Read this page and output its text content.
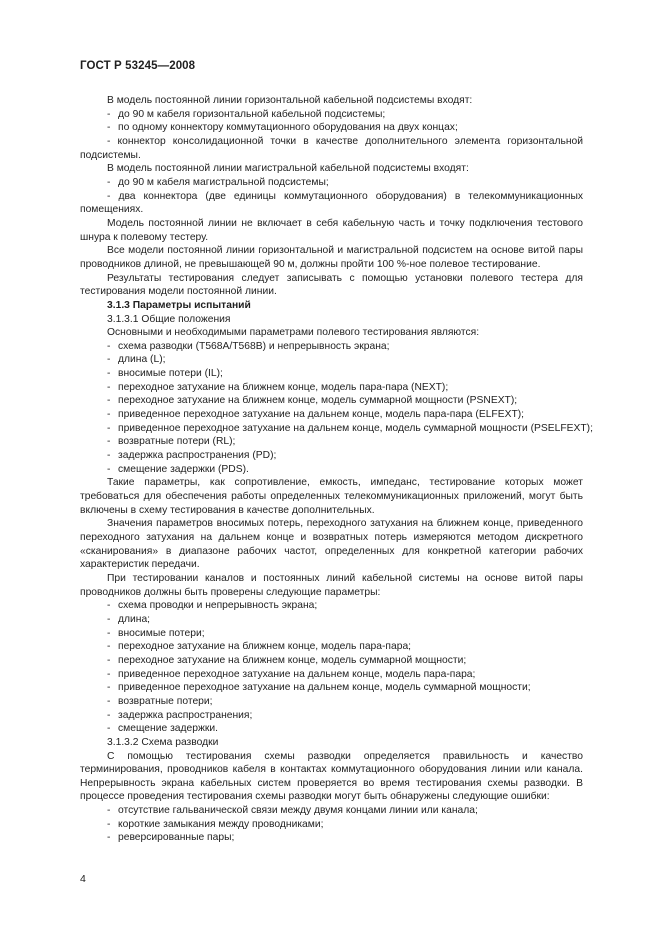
ГОСТ Р 53245—2008
В модель постоянной линии горизонтальной кабельной подсистемы входят:
- до 90 м кабеля горизонтальной кабельной подсистемы;
- по одному коннектору коммутационного оборудования на двух концах;
- коннектор консолидационной точки в качестве дополнительного элемента горизонтальной подсистемы.
В модель постоянной линии магистральной кабельной подсистемы входят:
- до 90 м кабеля магистральной подсистемы;
- два коннектора (две единицы коммутационного оборудования) в телекоммуникационных помещениях.
Модель постоянной линии не включает в себя кабельную часть и точку подключения тестового шнура к полевому тестеру.
Все модели постоянной линии горизонтальной и магистральной подсистем на основе витой пары проводников длиной, не превышающей 90 м, должны пройти 100 %-ное полевое тестирование.
Результаты тестирования следует записывать с помощью установки полевого тестера для тестирования модели постоянной линии.
3.1.3 Параметры испытаний
3.1.3.1 Общие положения
Основными и необходимыми параметрами полевого тестирования являются:
- схема разводки (T568A/T568B) и непрерывность экрана;
- длина (L);
- вносимые потери (IL);
- переходное затухание на ближнем конце, модель пара-пара (NEXT);
- переходное затухание на ближнем конце, модель суммарной мощности (PSNEXT);
- приведенное переходное затухание на дальнем конце, модель пара-пара (ELFEXT);
- приведенное переходное затухание на дальнем конце, модель суммарной мощности (PSELFEXT);
- возвратные потери (RL);
- задержка распространения (PD);
- смещение задержки (PDS).
Такие параметры, как сопротивление, емкость, импеданс, тестирование которых может требоваться для обеспечения работы определенных телекоммуникационных приложений, могут быть включены в схему тестирования в качестве дополнительных.
Значения параметров вносимых потерь, переходного затухания на ближнем конце, приведенного переходного затухания на дальнем конце и возвратных потерь измеряются методом дискретного «сканирования» в диапазоне рабочих частот, определенных для конкретной категории рабочих характеристик передачи.
При тестировании каналов и постоянных линий кабельной системы на основе витой пары проводников должны быть проверены следующие параметры:
- схема проводки и непрерывность экрана;
- длина;
- вносимые потери;
- переходное затухание на ближнем конце, модель пара-пара;
- переходное затухание на ближнем конце, модель суммарной мощности;
- приведенное переходное затухание на дальнем конце, модель пара-пара;
- приведенное переходное затухание на дальнем конце, модель суммарной мощности;
- возвратные потери;
- задержка распространения;
- смещение задержки.
3.1.3.2 Схема разводки
С помощью тестирования схемы разводки определяется правильность и качество терминирования, проводников кабеля в контактах коммутационного оборудования линии или канала. Непрерывность экрана кабельных систем проверяется во время тестирования схемы разводки. В процессе проведения тестирования схемы разводки могут быть обнаружены следующие ошибки:
- отсутствие гальванической связи между двумя концами линии или канала;
- короткие замыкания между проводниками;
- реверсированные пары;
4
